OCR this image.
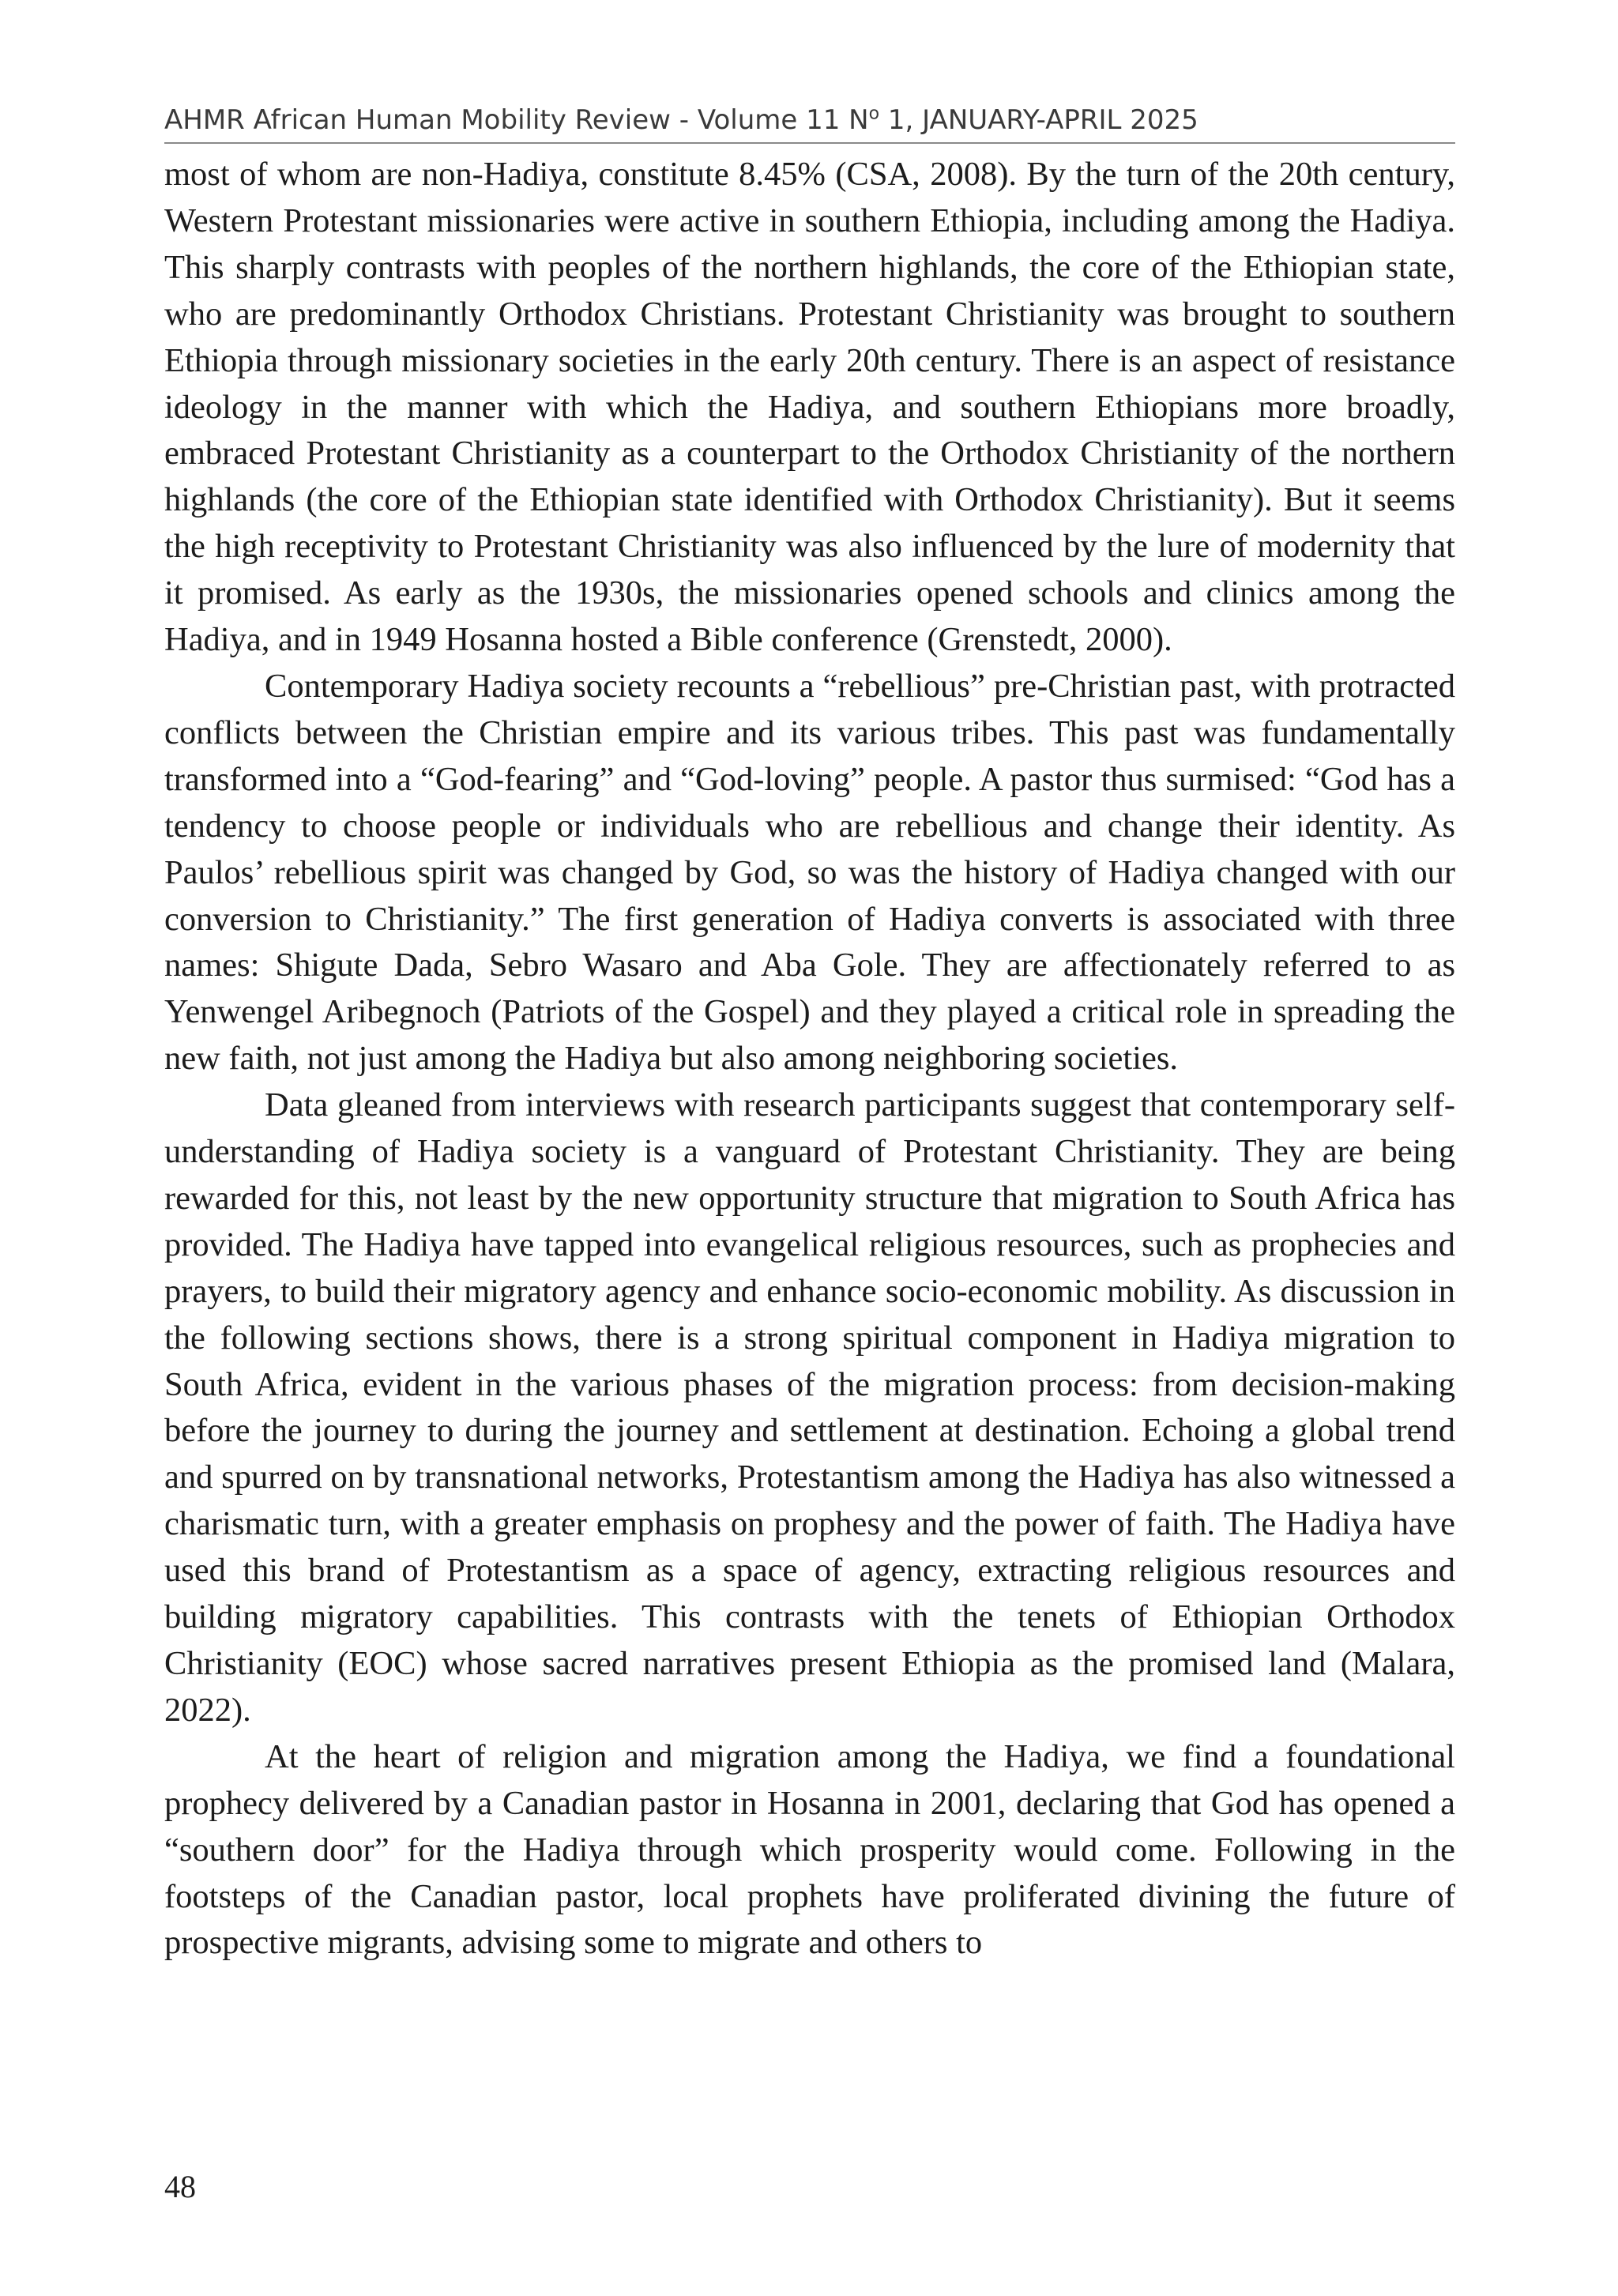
AHMR African Human Mobility Review - Volume 11 $N^o$ 1, JANUARY-APRIL 2025

most of whom are non-Hadiya, constitute 8.45% (CSA, 2008). By the turn of the 20th century, Western Protestant missionaries were active in southern Ethiopia, including among the Hadiya. This sharply contrasts with peoples of the northern highlands, the core of the Ethiopian state, who are predominantly Orthodox Christians. Protestant Christianity was brought to southern Ethiopia through missionary societies in the early 20th century. There is an aspect of resistance ideology in the manner with which the Hadiya, and southern Ethiopians more broadly, embraced Protestant Christianity as a counterpart to the Orthodox Christianity of the northern highlands (the core of the Ethiopian state identified with Orthodox Christianity). But it seems the high receptivity to Protestant Christianity was also influenced by the lure of modernity that it promised. As early as the 1930s, the missionaries opened schools and clinics among the Hadiya, and in 1949 Hosanna hosted a Bible conference (Grenstedt, 2000).

Contemporary Hadiya society recounts a “rebellious” pre-Christian past, with protracted conflicts between the Christian empire and its various tribes. This past was fundamentally transformed into a “God-fearing” and “God-loving” people. A pastor thus surmised: “God has a tendency to choose people or individuals who are rebellious and change their identity. As Paulos’ rebellious spirit was changed by God, so was the history of Hadiya changed with our conversion to Christianity.” The first generation of Hadiya converts is associated with three names: Shigute Dada, Sebro Wasaro and Aba Gole. They are affectionately referred to as Yenwengel Aribegnoch (Patriots of the Gospel) and they played a critical role in spreading the new faith, not just among the Hadiya but also among neighboring societies.

Data gleaned from interviews with research participants suggest that contemporary self-understanding of Hadiya society is a vanguard of Protestant Christianity. They are being rewarded for this, not least by the new opportunity structure that migration to South Africa has provided. The Hadiya have tapped into evangelical religious resources, such as prophecies and prayers, to build their migratory agency and enhance socio-economic mobility. As discussion in the following sections shows, there is a strong spiritual component in Hadiya migration to South Africa, evident in the various phases of the migration process: from decision-making before the journey to during the journey and settlement at destination. Echoing a global trend and spurred on by transnational networks, Protestantism among the Hadiya has also witnessed a charismatic turn, with a greater emphasis on prophesy and the power of faith. The Hadiya have used this brand of Protestantism as a space of agency, extracting religious resources and building migratory capabilities. This contrasts with the tenets of Ethiopian Orthodox Christianity (EOC) whose sacred narratives present Ethiopia as the promised land (Malara, 2022).

At the heart of religion and migration among the Hadiya, we find a foundational prophecy delivered by a Canadian pastor in Hosanna in 2001, declaring that God has opened a “southern door” for the Hadiya through which prosperity would come. Following in the footsteps of the Canadian pastor, local prophets have proliferated divining the future of prospective migrants, advising some to migrate and others to

48
